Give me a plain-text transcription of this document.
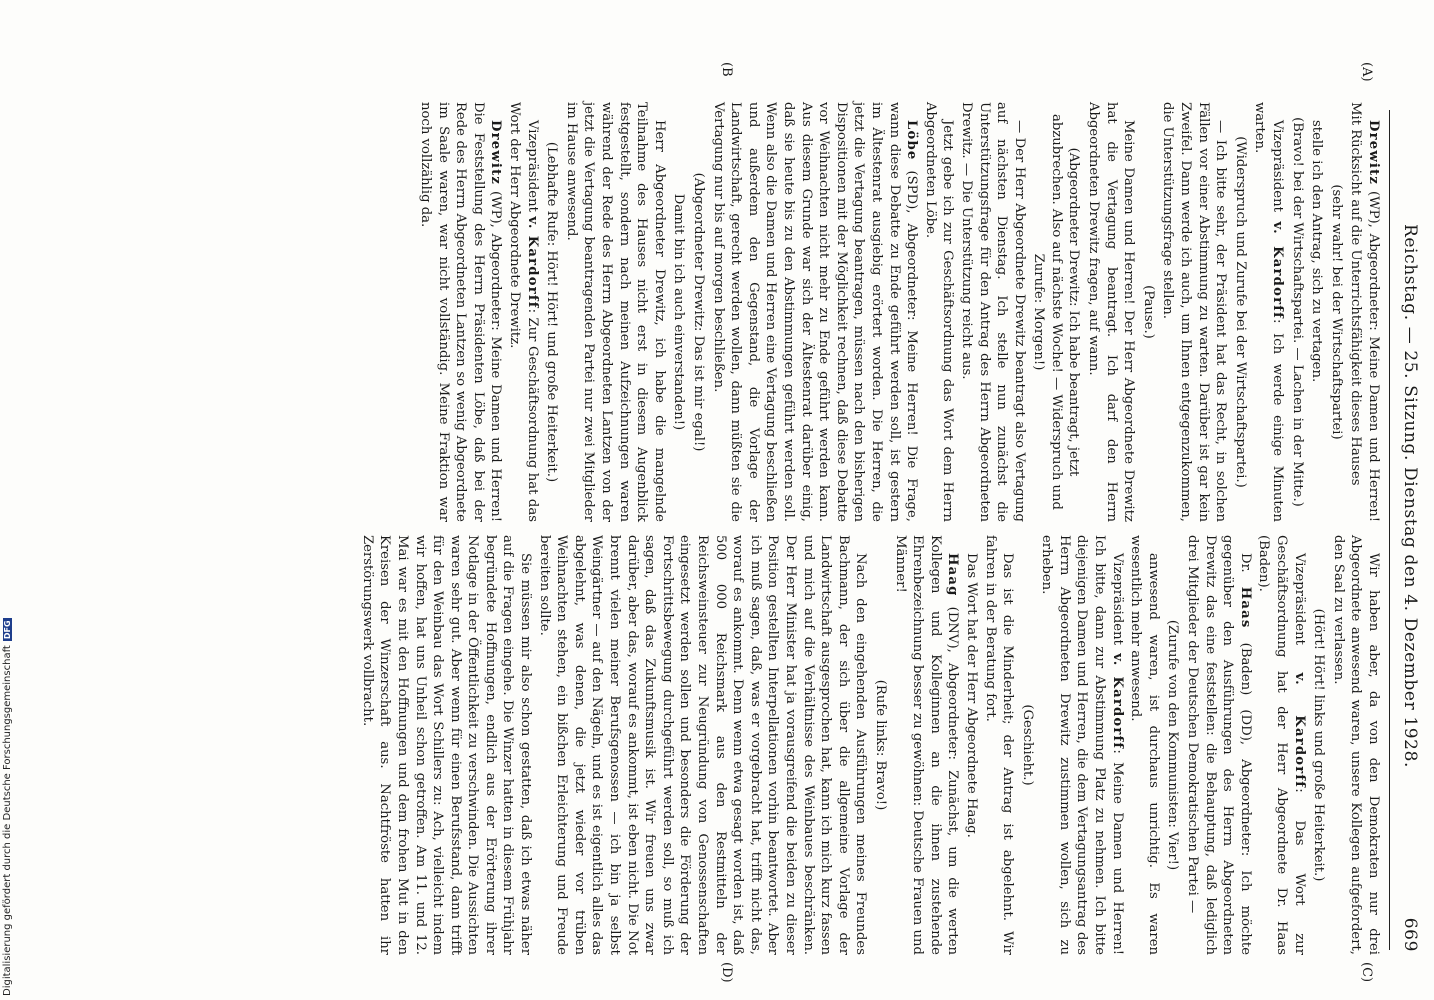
Reichstag. — 25. Sitzung. Dienstag den 4. Dezember 1928.
669
(A)
(B
(C)
(D)

Drewitz (WP), Abgeordneter: Meine Damen und Herren! Mit Rücksicht auf die Unterrichtsfähigkeit dieses Hauses

(sehr wahr! bei der Wirtschaftspartei)

stelle ich den Antrag, sich zu vertagen.

(Bravo! bei der Wirtschaftspartei. — Lachen in der Mitte.)

Vizepräsident v. Kardorff: Ich werde einige Minuten warten.

(Widerspruch und Zurufe bei der Wirtschaftspartei.)

— Ich bitte sehr, der Präsident hat das Recht, in solchen Fällen vor einer Abstimmung zu warten. Darüber ist gar kein Zweifel. Dann werde ich auch, um Ihnen entgegenzukommen, die Unterstützungsfrage stellen.

(Pause.)

Meine Damen und Herren! Der Herr Abgeordnete Drewitz hat die Vertagung beantragt. Ich darf den Herrn Abgeordneten Drewitz fragen, auf wann.

(Abgeordneter Drewitz: Ich habe beantragt, jetzt abzubrechen. Also auf nächste Woche! — Widerspruch und Zurufe: Morgen!)

— Der Herr Abgeordnete Drewitz beantragt also Vertagung auf nächsten Dienstag. Ich stelle nun zunächst die Unterstützungsfrage für den Antrag des Herrn Abgeordneten Drewitz. — Die Unterstützung reicht aus.

Jetzt gebe ich zur Geschäftsordnung das Wort dem Herrn Abgeordneten Löbe.

Löbe (SPD), Abgeordneter: Meine Herren! Die Frage, wann diese Debatte zu Ende geführt werden soll, ist gestern im Ältestenrat ausgiebig erörtert worden. Die Herren, die jetzt die Vertagung beantragen, müssen nach den bisherigen Dispositionen mit der Möglichkeit rechnen, daß diese Debatte vor Weihnachten nicht mehr zu Ende geführt werden kann. Aus diesem Grunde war sich der Ältestenrat darüber einig, daß sie heute bis zu den Abstimmungen geführt werden soll. Wenn also die Damen und Herren eine Vertagung beschließen und außerdem den Gegenstand, die Vorlage der Landwirtschaft, gerecht werden wollen, dann müßten sie die Vertagung nur bis auf morgen beschließen.

(Abgeordneter Drewitz: Das ist mir egal!)

Damit bin ich auch einverstanden!)

Herr Abgeordneter Drewitz, ich habe die mangelnde Teilnahme des Hauses nicht erst in diesem Augenblick festgestellt, sondern nach meinen Aufzeichnungen waren während der Rede des Herrn Abgeordneten Lantzen von der jetzt die Vertagung beantragenden Partei nur zwei Mitglieder im Hause anwesend.

(Lebhafte Rufe: Hört! Hört! und große Heiterkeit.)

Vizepräsident v. Kardorff: Zur Geschäftsordnung hat das Wort der Herr Abgeordnete Drewitz.

Drewitz (WP), Abgeordneter: Meine Damen und Herren! Die Feststellung des Herrn Präsidenten Löbe, daß bei der Rede des Herrn Abgeordneten Lantzen so wenig Abgeordnete im Saale waren, war nicht vollständig. Meine Fraktion war noch vollzählig da.

Wir haben aber, da von den Demokraten nur drei Abgeordnete anwesend waren, unsere Kollegen aufgefordert, den Saal zu verlassen.

(Hört! Hört! links und große Heiterkeit.)

Vizepräsident v. Kardorff: Das Wort zur Geschäftsordnung hat der Herr Abgeordnete Dr. Haas (Baden).

Dr. Haas (Baden) (DD), Abgeordneter: Ich möchte gegenüber den Ausführungen des Herrn Abgeordneten Drewitz das eine feststellen: die Behauptung, daß lediglich drei Mitglieder der Deutschen Demokratischen Partei —

(Zurufe von den Kommunisten: Vier!)

anwesend waren, ist durchaus unrichtig. Es waren wesentlich mehr anwesend.

Vizepräsident v. Kardorff: Meine Damen und Herren! Ich bitte, dann zur Abstimmung Platz zu nehmen. Ich bitte diejenigen Damen und Herren, die dem Vertagungsantrag des Herrn Abgeordneten Drewitz zustimmen wollen, sich zu erheben.

(Geschieht.)

Das ist die Minderheit; der Antrag ist abgelehnt. Wir fahren in der Beratung fort.

Das Wort hat der Herr Abgeordnete Haag.

Haag (DNV), Abgeordneter: Zunächst, um die werten Kollegen und Kolleginnen an die ihnen zustehende Ehrenbezeichnung besser zu gewöhnen: Deutsche Frauen und Männer!

(Rufe links: Bravo!)

Nach den eingehenden Ausführungen meines Freundes Bachmann, der sich über die allgemeine Vorlage der Landwirtschaft ausgesprochen hat, kann ich mich kurz fassen und mich auf die Verhältnisse des Weinbaues beschränken. Der Herr Minister hat ja vorausgreifend die beiden zu dieser Position gestellten Interpellationen vorhin beantwortet. Aber ich muß sagen, daß, was er vorgebracht hat, trifft nicht das, worauf es ankommt. Denn wenn etwa gesagt worden ist, daß 500 000 Reichsmark aus den Restmitteln der Reichsweinsteuer zur Neugründung von Genossenschaften eingesetzt werden sollen und besonders die Förderung der Fortschrittsbewegung durchgeführt werden soll, so muß ich sagen, daß das Zukunftsmusik ist. Wir freuen uns zwar darüber, aber das, worauf es ankommt, ist eben nicht. Die Not brennt vielen meiner Berufsgenossen — ich bin ja selbst Weingärtner — auf den Nägeln, und es ist eigentlich alles das abgelehnt, was denen, die jetzt wieder vor trüben Weihnachten stehen, ein bißchen Erleichterung und Freude bereiten sollte.

Sie müssen mir also schon gestatten, daß ich etwas näher auf die Fragen eingehe. Die Winzer hatten in diesem Frühjahr begründete Hoffnungen, endlich aus der Erörterung ihrer Notlage in der Öffentlichkeit zu verschwinden. Die Aussichten waren sehr gut. Aber wenn für einen Berufsstand, dann trifft für den Weinbau das Wort Schillers zu: Ach, vielleicht indem wir hoffen, hat uns Unheil schon getroffen. Am 11. und 12. Mai war es mit den Hoffnungen und dem frohen Mut in den Kreisen der Winzerschaft aus. Nachtfröste hatten ihr Zerstörungswerk vollbracht.

Digitalisierung gefördert durch die Deutsche ForschungsgemeinschaftDFG
